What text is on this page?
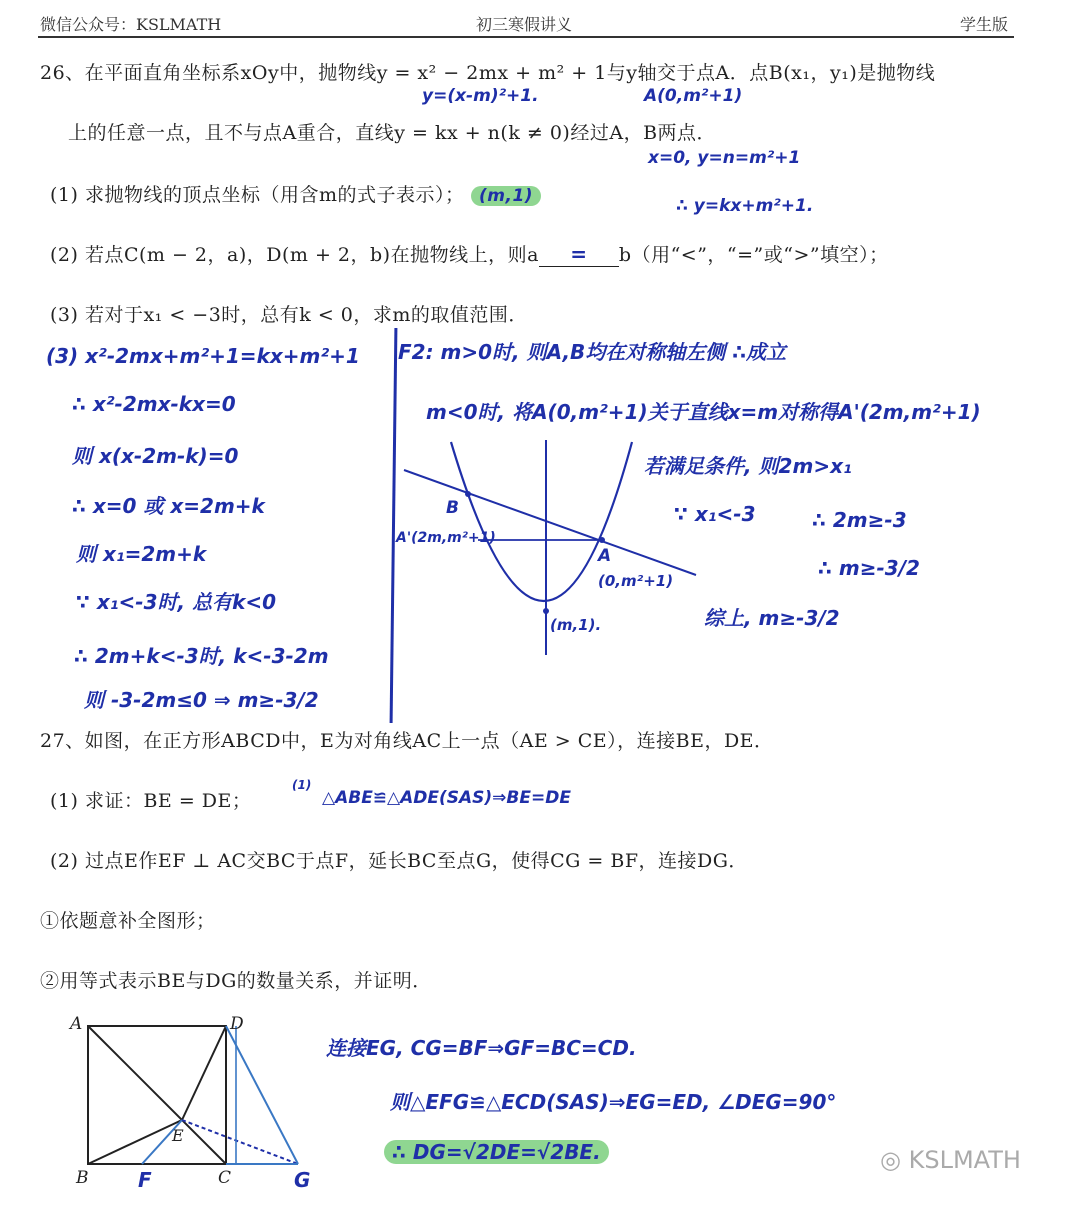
微信公众号：KSLMATH	初三寒假讲义	学生版
26、在平面直角坐标系xOy中，抛物线y = x² − 2mx + m² + 1与y轴交于点A．点B(x₁，y₁)是抛物线
y=(x-m)²+1.	A(0,m²+1)
上的任意一点，且不与点A重合，直线y = kx + n(k ≠ 0)经过A，B两点．
x=0, y=n=m²+1
(1) 求抛物线的顶点坐标（用含m的式子表示）； (m,1)	∴ y=kx+m²+1.
(2) 若点C(m − 2，a)，D(m + 2，b)在抛物线上，则a = b（用“<”，“=”或“>”填空）；
(3) 若对于x₁ < −3时，总有k < 0，求m的取值范围．
(3) x²-2mx+m²+1=kx+m²+1
∴ x²-2mx-kx=0
则 x(x-2m-k)=0
∴ x=0 或 x=2m+k
则 x₁=2m+k
∵ x₁<-3时, 总有k<0
∴ 2m+k<-3时, k<-3-2m
则 -3-2m≤0 ⇒ m≥-3/2
F2: m>0时, 则A,B均在对称轴左侧 ∴成立
m<0时, 将A(0,m²+1)关于直线x=m对称得A'(2m,m²+1)
若满足条件, 则2m>x₁
∵ x₁<-3	∴ 2m≥-3
∴ m≥-3/2
综上, m≥-3/2
B
A'(2m,m²+1)
A
(0,m²+1)
(m,1).
27、如图，在正方形ABCD中，E为对角线AC上一点（AE > CE），连接BE，DE．
(1) 求证：BE = DE；
(1)
△ABE≌△ADE(SAS)⇒BE=DE
(2) 过点E作EF ⊥ AC交BC于点F，延长BC至点G，使得CG = BF，连接DG．
①依题意补全图形；
②用等式表示BE与DG的数量关系，并证明．
A	D
E
B	C
F	G
连接EG, CG=BF⇒GF=BC=CD.
则△EFG≌△ECD(SAS)⇒EG=ED, ∠DEG=90°
∴ DG=√2DE=√2BE.	◎ KSLMATH
